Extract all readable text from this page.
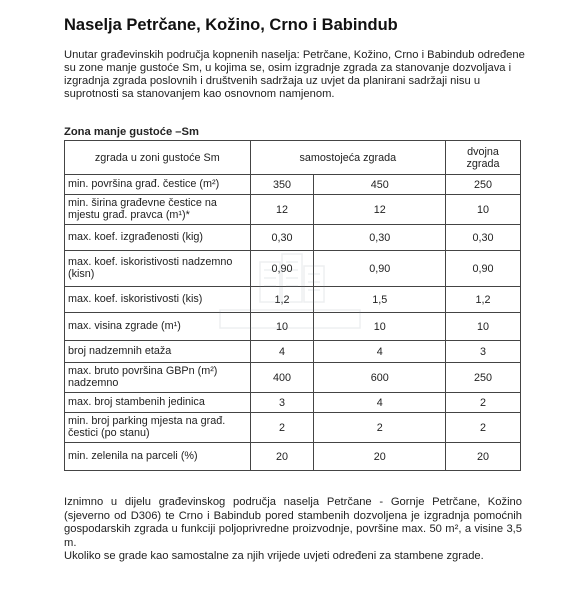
Naselja Petrčane, Kožino, Crno i Babindub
Unutar građevinskih područja kopnenih naselja: Petrčane, Kožino, Crno i Babindub određene su zone manje gustoće Sm, u kojima se, osim izgradnje zgrada za stanovanje dozvoljava i izgradnja zgrada poslovnih i društvenih sadržaja uz uvjet da planirani sadržaji nisu u suprotnosti sa stanovanjem kao osnovnom namjenom.
Zona manje gustoće –Sm
zgrada u zoni gustoće Sm	samostojeća zgrada		dvojna
zgrada
min. površina građ. čestice (m²)	350	450	250
min. širina građevne čestice na mjestu građ. pravca (m¹)*	12	12	10
max. koef. izgrađenosti (kig)	0,30	0,30	0,30
max. koef. iskoristivosti nadzemno (kisn)	0,90	0,90	0,90
max. koef. iskoristivosti (kis)	1,2	1,5	1,2
max. visina zgrade (m¹)	10	10	10
broj nadzemnih etaža	4	4	3
max. bruto površina GBPn (m²) nadzemno	400	600	250
max. broj stambenih jedinica	3	4	2
min. broj parking mjesta na građ. čestici (po stanu)	2	2	2
min. zelenila na parceli (%)	20	20	20

Iznimno u dijelu građevinskog područja naselja Petrčane - Gornje Petrčane, Kožino (sjeverno od D306) te Crno i Babindub pored stambenih dozvoljena je izgradnja pomoćnih gospodarskih zgrada u funkciji poljoprivredne proizvodnje, površine max. 50 m², a visine 3,5 m.

Ukoliko se grade kao samostalne za njih vrijede uvjeti određeni za stambene zgrade.
